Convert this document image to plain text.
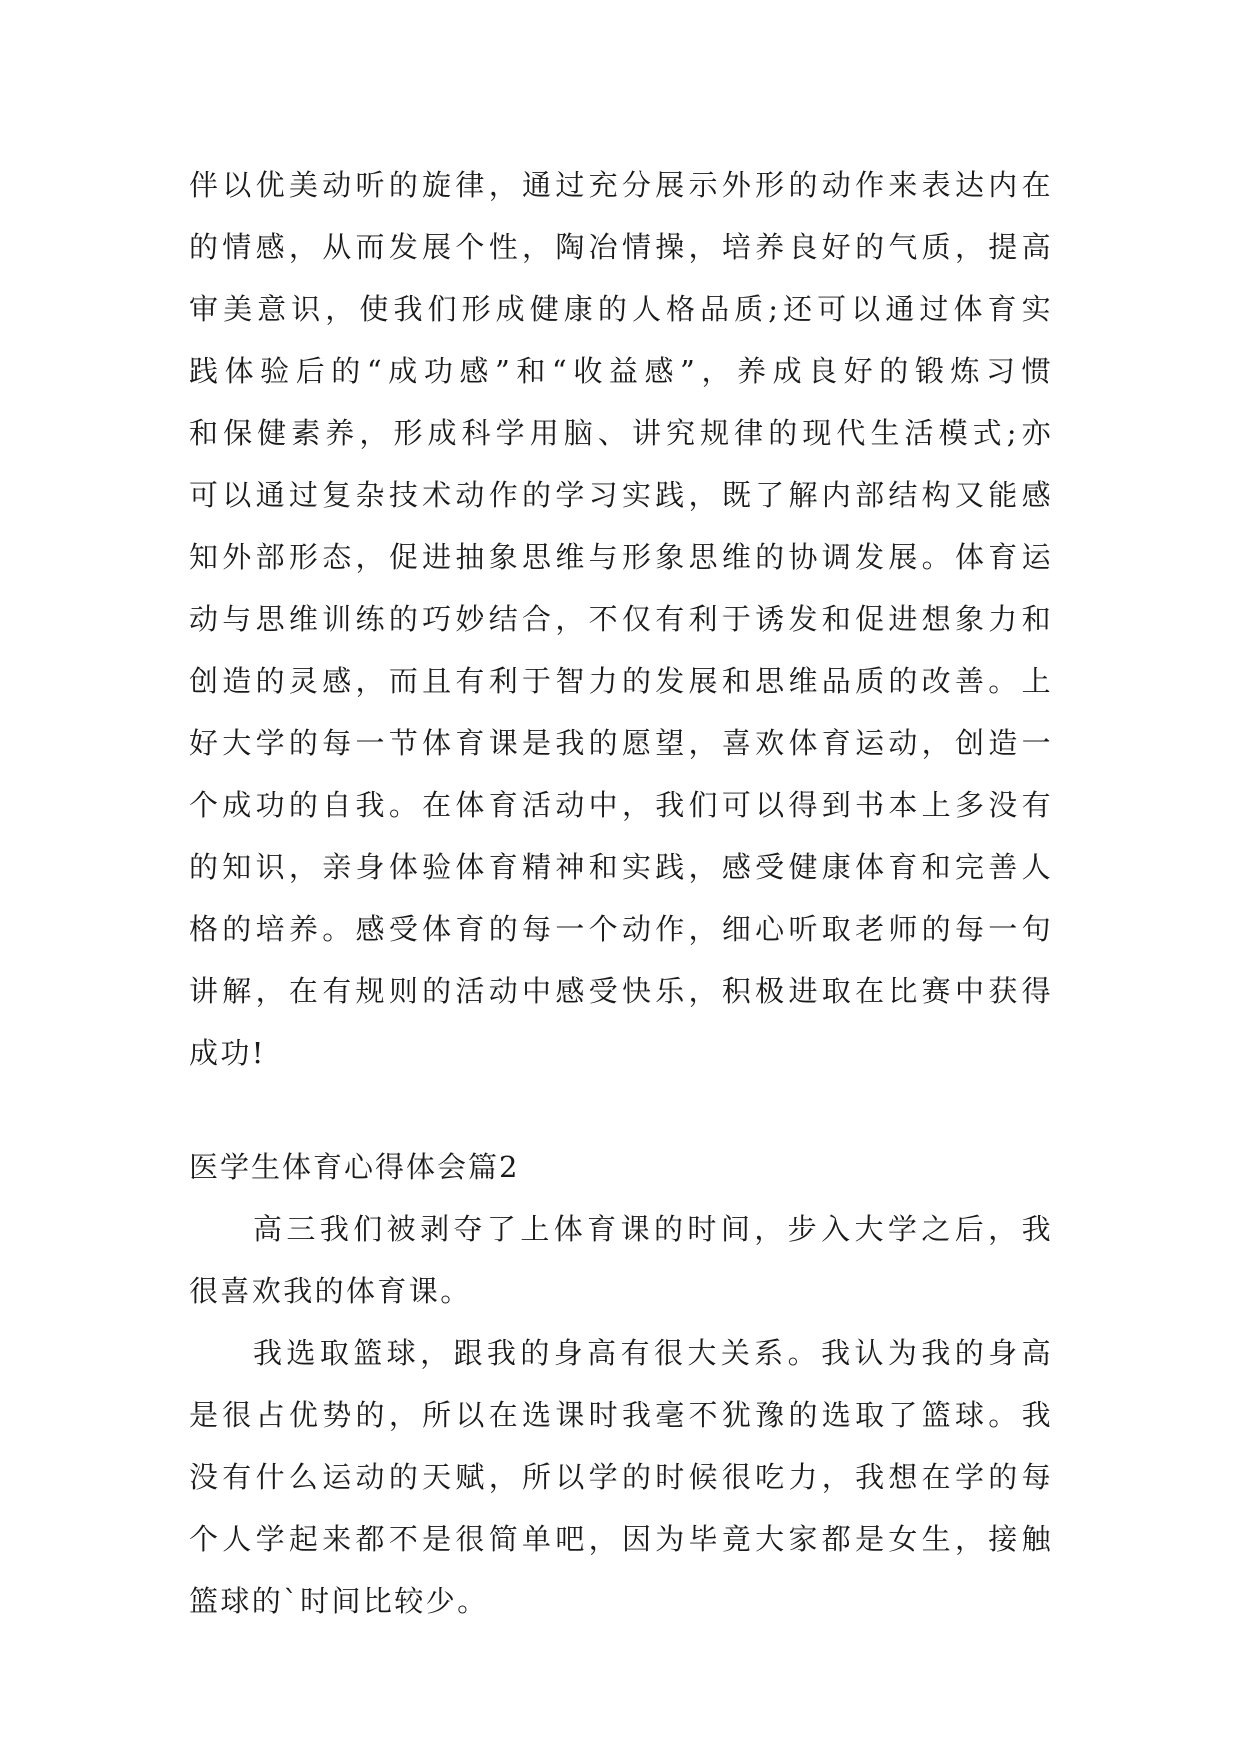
伴以优美动听的旋律，通过充分展示外形的动作来表达内在
的情感，从而发展个性，陶冶情操，培养良好的气质，提高
审美意识，使我们形成健康的人格品质;还可以通过体育实
践体验后的“成功感”和“收益感”，养成良好的锻炼习惯
和保健素养，形成科学用脑、讲究规律的现代生活模式;亦
可以通过复杂技术动作的学习实践，既了解内部结构又能感
知外部形态，促进抽象思维与形象思维的协调发展。体育运
动与思维训练的巧妙结合，不仅有利于诱发和促进想象力和
创造的灵感，而且有利于智力的发展和思维品质的改善。上
好大学的每一节体育课是我的愿望，喜欢体育运动，创造一
个成功的自我。在体育活动中，我们可以得到书本上多没有
的知识，亲身体验体育精神和实践，感受健康体育和完善人
格的培养。感受体育的每一个动作，细心听取老师的每一句
讲解，在有规则的活动中感受快乐，积极进取在比赛中获得
成功!
医学生体育心得体会篇2
高三我们被剥夺了上体育课的时间，步入大学之后，我
很喜欢我的体育课。
我选取篮球，跟我的身高有很大关系。我认为我的身高
是很占优势的，所以在选课时我毫不犹豫的选取了篮球。我
没有什么运动的天赋，所以学的时候很吃力，我想在学的每
个人学起来都不是很简单吧，因为毕竟大家都是女生，接触
篮球的`时间比较少。
